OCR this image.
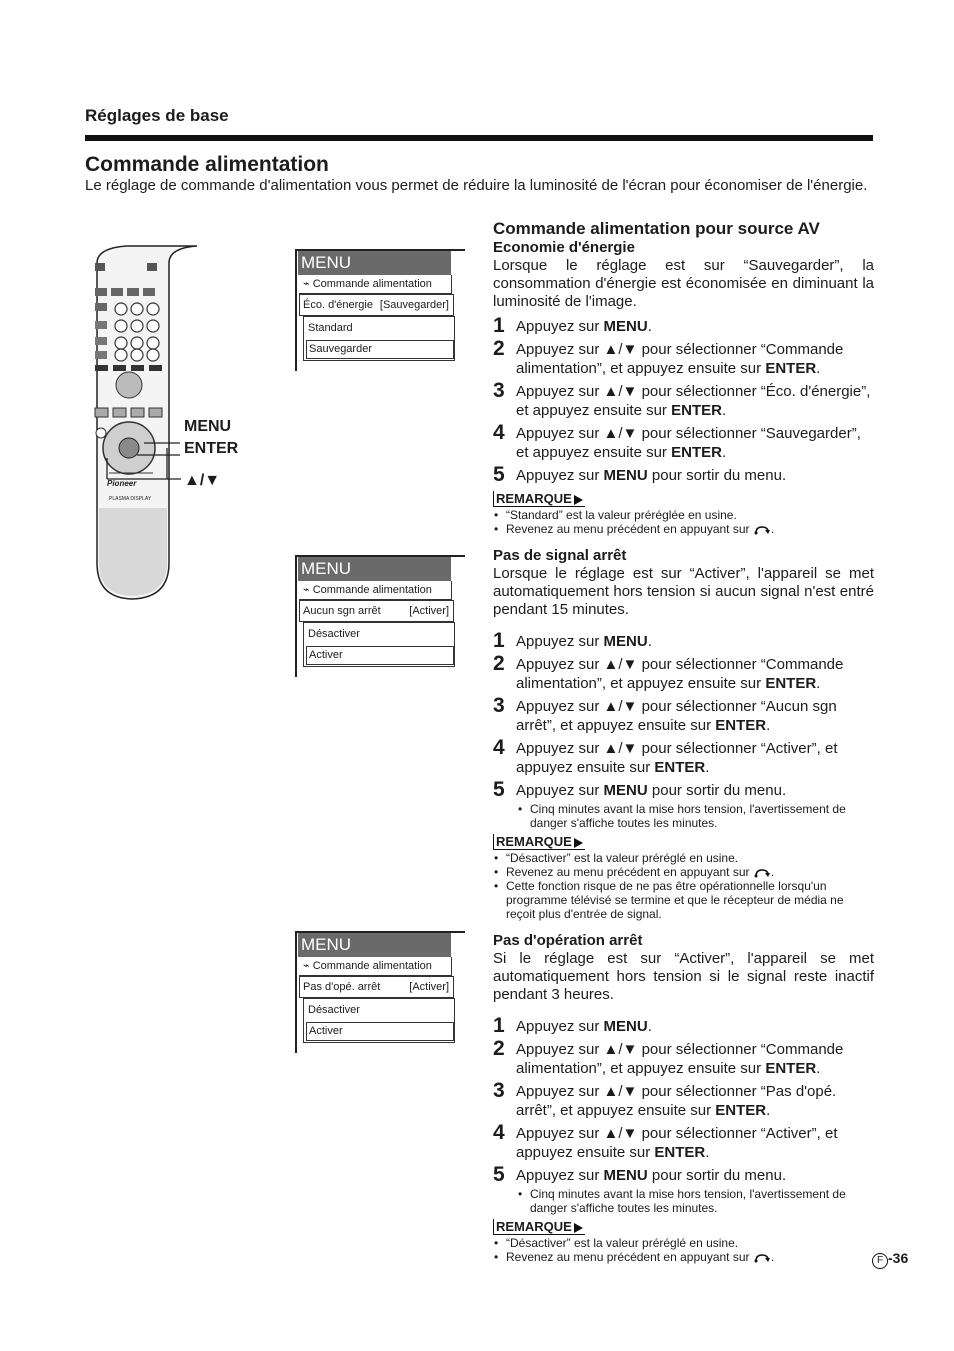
Réglages de base
Commande alimentation
Le réglage de commande d'alimentation vous permet de réduire la luminosité de l'écran pour économiser de l'énergie.
Pioneer
PLASMA DISPLAY
MENU
ENTER
▲/▼
MENU
⌁ Commande alimentation
Éco. d'énergie [Sauvegarder]
Standard
Sauvegarder
MENU
⌁ Commande alimentation
Aucun sgn arrêt	[Activer]
Désactiver
Activer
MENU
⌁ Commande alimentation
Pas d'opé. arrêt	[Activer]
Désactiver
Activer
Commande alimentation pour source AV
Economie d'énergie
Lorsque le réglage est sur “Sauvegarder”, la consommation d'énergie est économisée en diminuant la luminosité de l'image.
1 Appuyez sur MENU.
2 Appuyez sur ▲/▼ pour sélectionner “Commande alimentation”, et appuyez ensuite sur ENTER.
3 Appuyez sur ▲/▼ pour sélectionner “Éco. d'énergie”, et appuyez ensuite sur ENTER.
4 Appuyez sur ▲/▼ pour sélectionner “Sauvegarder”, et appuyez ensuite sur ENTER.
5 Appuyez sur MENU pour sortir du menu.
REMARQUE
• “Standard” est la valeur préréglée en usine.
• Revenez au menu précédent en appuyant sur .
Pas de signal arrêt
Lorsque le réglage est sur “Activer”, l'appareil se met automatiquement hors tension si aucun signal n'est entré pendant 15 minutes.
1 Appuyez sur MENU.
2 Appuyez sur ▲/▼ pour sélectionner “Commande alimentation”, et appuyez ensuite sur ENTER.
3 Appuyez sur ▲/▼ pour sélectionner “Aucun sgn arrêt”, et appuyez ensuite sur ENTER.
4 Appuyez sur ▲/▼ pour sélectionner “Activer”, et appuyez ensuite sur ENTER.
5 Appuyez sur MENU pour sortir du menu.
• Cinq minutes avant la mise hors tension, l'avertissement de danger s'affiche toutes les minutes.
REMARQUE
• “Désactiver” est la valeur préréglé en usine.
• Revenez au menu précédent en appuyant sur .
• Cette fonction risque de ne pas être opérationnelle lorsqu'un programme télévisé se termine et que le récepteur de média ne reçoit plus d'entrée de signal.
Pas d'opération arrêt
Si le réglage est sur “Activer”, l'appareil se met automatiquement hors tension si le signal reste inactif pendant 3 heures.
1 Appuyez sur MENU.
2 Appuyez sur ▲/▼ pour sélectionner “Commande alimentation”, et appuyez ensuite sur ENTER.
3 Appuyez sur ▲/▼ pour sélectionner “Pas d'opé. arrêt”, et appuyez ensuite sur ENTER.
4 Appuyez sur ▲/▼ pour sélectionner “Activer”, et appuyez ensuite sur ENTER.
5 Appuyez sur MENU pour sortir du menu.
• Cinq minutes avant la mise hors tension, l'avertissement de danger s'affiche toutes les minutes.
REMARQUE
• “Désactiver” est la valeur préréglé en usine.
• Revenez au menu précédent en appuyant sur .	F -36
